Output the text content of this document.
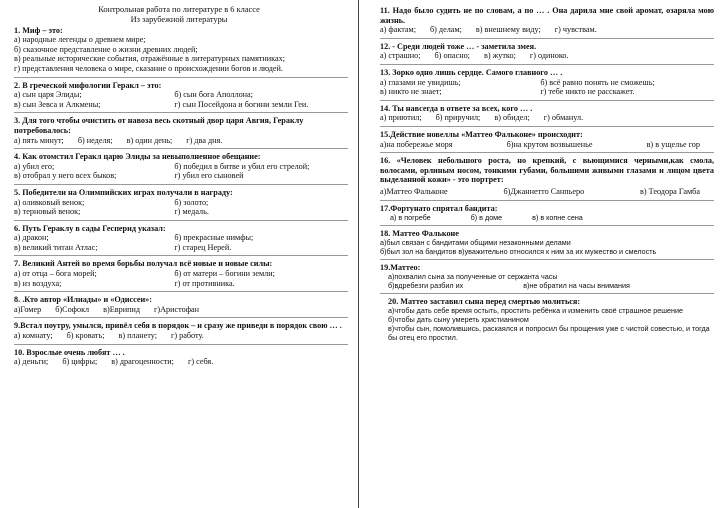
Контрольная работа по литературе в 6 классе
Из зарубежной литературы
1. Миф – это:
а) народные легенды о древнем мире;
б) сказочное представление о жизни древних людей;
в) реальные исторические события, отражённые в литературных памятниках;
г) представления человека о мире, сказание о происхождении богов и людей.
2. В греческой мифологии Геракл – это:
а) сын царя Элиды;	б) сын бога Аполлона;
в) сын Зевса и Алкмены;	г) сын Посейдона и богини земли Геи.
3. Для того чтобы очистить от навоза весь скотный двор царя Авгия, Гераклу потребовалось:
а) пять минут; б) неделя; в) один день; г) два дня.
4. Как отомстил Геракл царю Элиды за невыполненное обещание:
а) убил его;	б) победил в битве и убил его стрелой;
в) отобрал у него всех быков;	г) убил его сыновей
5. Победители на Олимпийских играх получали в награду:
а) оливковый венок;	б) золото;
в) терновый венок;	г) медаль.
6. Путь Гераклу в сады Гесперид указал:
а) дракон;	б) прекрасные нимфы;
в) великий титан Атлас;	г) старец Нерей.
7. Великий Антей во время борьбы получал всё новые и новые силы:
а) от отца – бога морей;	б) от матери – богини земли;
в) из воздуха;	г) от противника.
8. .Кто автор «Илиады» и «Одиссеи»:
а)Гомер б)Софокл в)Еврипид г)Аристофан
9.Встал поутру, умылся, привёл себя в порядок – и сразу же приведи в порядок свою … .
а) комнату; б) кровать; в) планету; г) работу.
10. Взрослые очень любят … .
а) деньги; б) цифры; в) драгоценности; г) себя.
11. Надо было судить не по словам, а по … . Она дарила мне свой аромат, озаряла мою жизнь.
а) фактам; б) делам; в) внешнему виду; г) чувствам.
12. - Среди людей тоже … - заметила змея.
а) страшно; б) опасно; в) жутко; г) одиноко.
13. Зорко одно лишь сердце. Самого главного … .
а) глазами не увидишь;	б) всё равно понять не сможешь;
в) никто не знает;	г) тебе никто не расскажет.
14. Ты навсегда в ответе за всех, кого … .
а) приютил; б) приручил; в) обидел; г) обманул.
15.Действие новеллы «Маттео Фальконе» происходит:
а)на побережье моря	б)на крутом возвышенье	в) в ущелье гор
16. «Человек небольшого роста, но крепкий, с вьющимися черными,как смола, волосами, орлиным носом, тонкими губами, большими живыми глазами и лицом цвета выделанной кожи» - это портрет:
а)Маттео Фальконе	б)Джаннетто Санпьеро	в) Теодора Гамба
17.Фортунато спрятал бандита:
а) в погребе	б) в доме	в) в копне сена
18. Маттео Фальконе
а)был связан с бандитами общими незаконными делами
б)был зол на бандитов в)уважительно относился к ним за их мужество и смелость
19.Маттео:
а)похвалил сына за полученные от сержанта часы
б)вдребезги разбил их	в)не обратил на часы внимания
20. Маттео заставил сына перед смертью молиться:
а)чтобы дать себе время остыть, простить ребёнка и изменить своё страшное решение
б)чтобы дать сыну умереть христианином
в)чтобы сын, помолившись, раскаялся и попросил бы прощения уже с чистой совестью, и тогда бы отец его простил.
